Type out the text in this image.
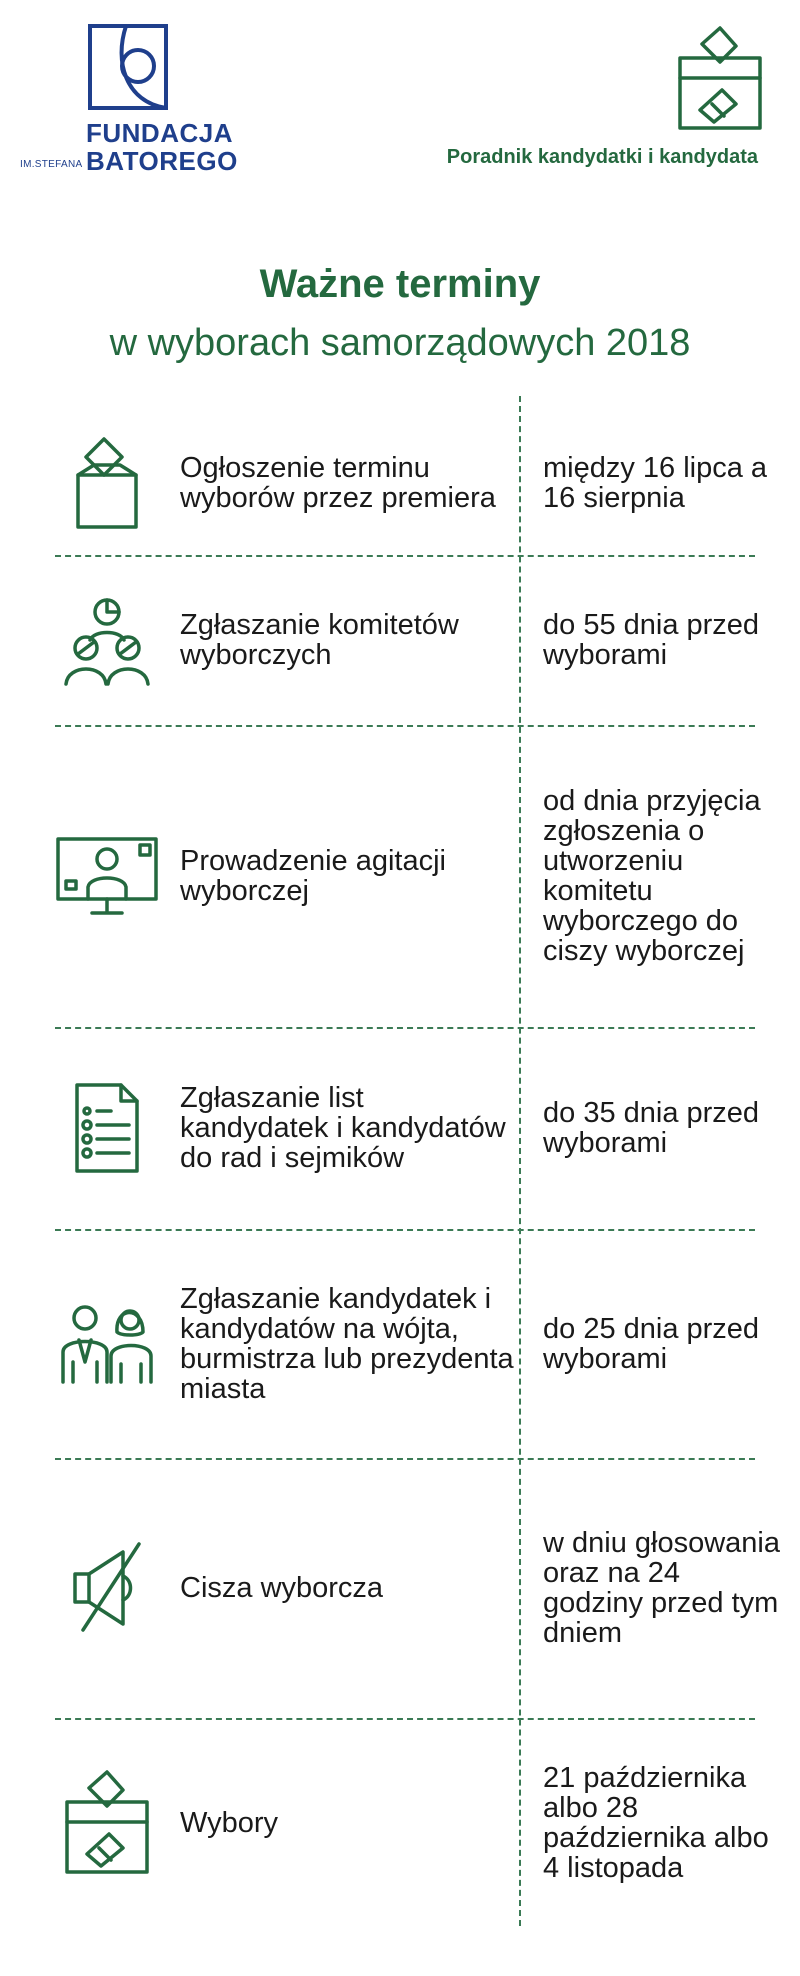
FUNDACJA
BATOREGO
IM.STEFANA	Poradnik kandydatki i kandydata
Ważne terminy
w wyborach samorządowych 2018
Ogłoszenie terminu wyborów przez premiera
między 16 lipca a 16 sierpnia
Zgłaszanie komitetów wyborczych
do 55 dnia przed wyborami
Prowadzenie agitacji wyborczej
od dnia przyjęcia zgłoszenia o utworzeniu komitetu wyborczego do ciszy wyborczej
Zgłaszanie list kandydatek i kandydatów do rad i sejmików
do 35 dnia przed wyborami
Zgłaszanie kandydatek i kandydatów na wójta, burmistrza lub prezydenta miasta
do 25 dnia przed wyborami
Cisza wyborcza
w dniu głosowania oraz na 24 godziny przed tym dniem
Wybory
21 października albo 28 października albo 4 listopada
